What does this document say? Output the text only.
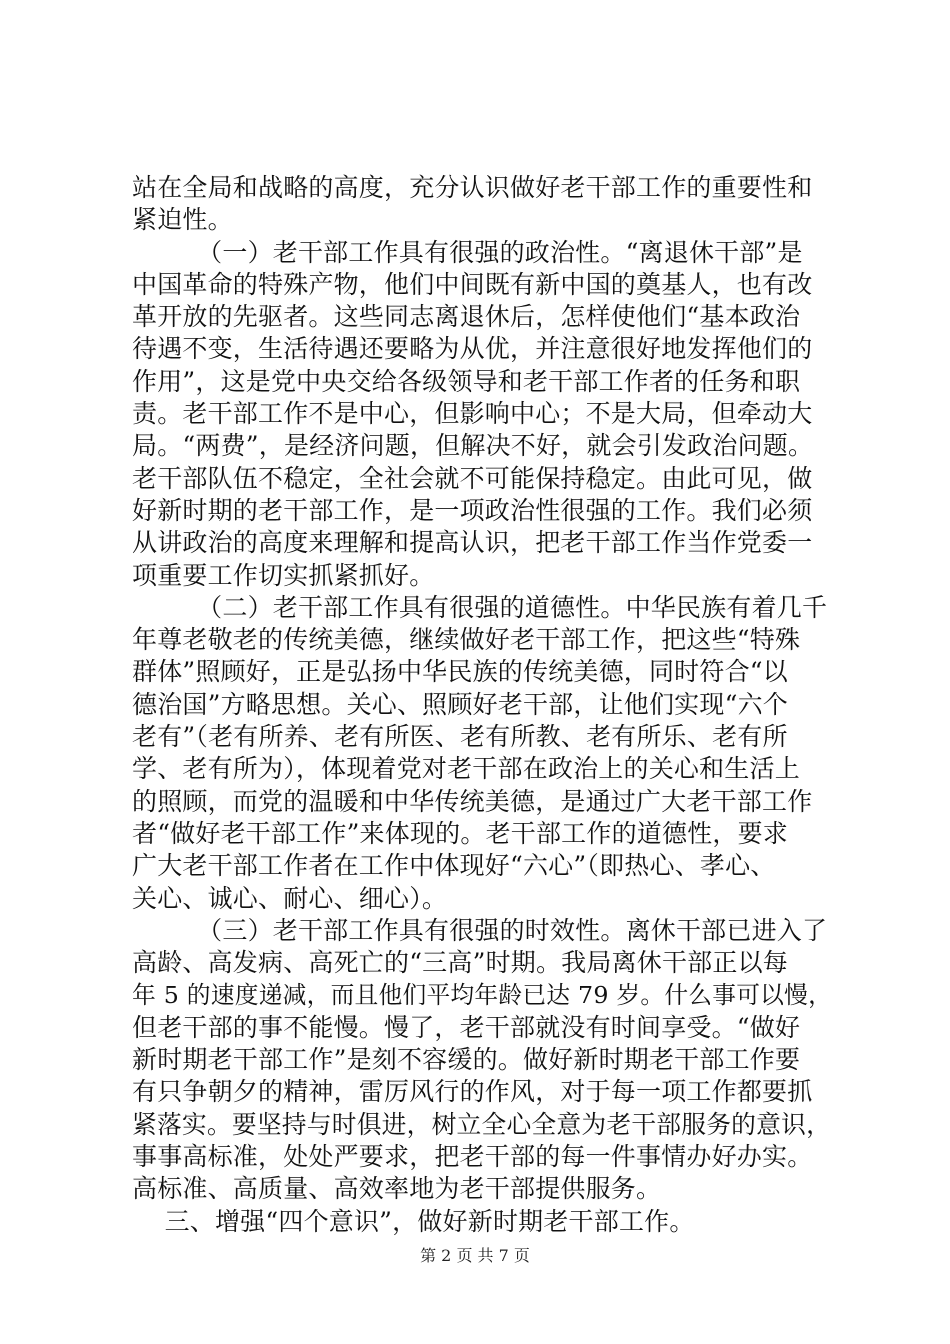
站在全局和战略的高度，充分认识做好老干部工作的重要性和
紧迫性。
（一）老干部工作具有很强的政治性。“离退休干部”是
中国革命的特殊产物，他们中间既有新中国的奠基人，也有改
革开放的先驱者。这些同志离退休后，怎样使他们“基本政治
待遇不变，生活待遇还要略为从优，并注意很好地发挥他们的
作用”，这是党中央交给各级领导和老干部工作者的任务和职
责。老干部工作不是中心，但影响中心；不是大局，但牵动大
局。“两费”，是经济问题，但解决不好，就会引发政治问题。
老干部队伍不稳定，全社会就不可能保持稳定。由此可见，做
好新时期的老干部工作，是一项政治性很强的工作。我们必须
从讲政治的高度来理解和提高认识，把老干部工作当作党委一
项重要工作切实抓紧抓好。
（二）老干部工作具有很强的道德性。中华民族有着几千
年尊老敬老的传统美德，继续做好老干部工作，把这些“特殊
群体”照顾好，正是弘扬中华民族的传统美德，同时符合“以
德治国”方略思想。关心、照顾好老干部，让他们实现“六个
老有”（老有所养、老有所医、老有所教、老有所乐、老有所
学、老有所为），体现着党对老干部在政治上的关心和生活上
的照顾，而党的温暖和中华传统美德，是通过广大老干部工作
者“做好老干部工作”来体现的。老干部工作的道德性，要求
广大老干部工作者在工作中体现好“六心”（即热心、孝心、
关心、诚心、耐心、细心）。
（三）老干部工作具有很强的时效性。离休干部已进入了
高龄、高发病、高死亡的“三高”时期。我局离休干部正以每
年 5 的速度递减，而且他们平均年龄已达 79 岁。什么事可以慢，
但老干部的事不能慢。慢了，老干部就没有时间享受。“做好
新时期老干部工作”是刻不容缓的。做好新时期老干部工作要
有只争朝夕的精神，雷厉风行的作风，对于每一项工作都要抓
紧落实。要坚持与时俱进，树立全心全意为老干部服务的意识，
事事高标准，处处严要求，把老干部的每一件事情办好办实。
高标准、高质量、高效率地为老干部提供服务。
三、增强“四个意识”，做好新时期老干部工作。
第 2 页 共 7 页
